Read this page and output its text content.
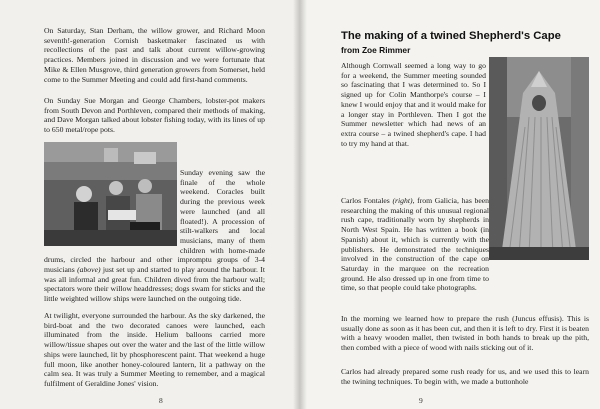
On Saturday, Stan Derham, the willow grower, and Richard Moon seventh!-generation Cornish basketmaker fascinated us with recollections of the past and talk about current willow-growing practices. Members joined in discussion and we were fortunate that Mike & Ellen Musgrove, third generation growers from Somerset, held come to the Summer Meeting and could add first-hand comments.

On Sunday Sue Morgan and George Chambers, lobster-pot makers from South Devon and Porthleven, compared their methods of making, and Dave Morgan talked about lobster fishing today, with its lines of up to 650 metal/rope pots.

Sunday evening saw the finale of the whole weekend. Coracles built during the previous week were launched (and all floated!). A procession of stilt-walkers and local musicians, many of them children with home-made drums, circled the harbour and other impromptu groups of 3-4 musicians (above) just set up and started to play around the harbour. It was all informal and great fun. Children dived from the harbour wall; spectators wore their willow headdresses; dogs swam for sticks and the little weighted willow ships were launched on the outgoing tide.

At twilight, everyone surrounded the harbour. As the sky darkened, the bird-boat and the two decorated canoes were launched, each illuminated from the inside. Helium balloons carried more willow/tissue shapes out over the water and the last of the little willow ships were launched, lit by phosphorescent paint. That weekend a huge full moon, like another honey-coloured lantern, lit a pathway on the calm sea. It was truly a Summer Meeting to remember, and a magical fulfilment of Geraldine Jones' vision.

8
The making of a twined Shepherd's Cape
from Zoe Rimmer

Although Cornwall seemed a long way to go for a weekend, the Summer meeting sounded so fascinating that I was determined to. So I signed up for Colin Manthorpe's course – I knew I would enjoy that and it would make for a longer stay in Porthleven. Then I got the Summer newsletter which had news of an extra course – a twined shepherd's cape. I had to try my hand at that.

Carlos Fontales (right), from Galicia, has been researching the making of this unusual regional rush cape, traditionally worn by shepherds in North West Spain. He has written a book (in Spanish) about it, which is currently with the publishers. He demonstrated the techniques involved in the construction of the cape on Saturday in the marquee on the recreation ground. He also dressed up in one from time to time, so that people could take photographs.

In the morning we learned how to prepare the rush (Juncus effusis). This is usually done as soon as it has been cut, and then it is left to dry. First it is beaten with a heavy wooden mallet, then twisted in both hands to break up the pith, then combed with a piece of wood with nails sticking out of it.

Carlos had already prepared some rush ready for us, and we used this to learn the twining techniques. To begin with, we made a buttonhole

9
